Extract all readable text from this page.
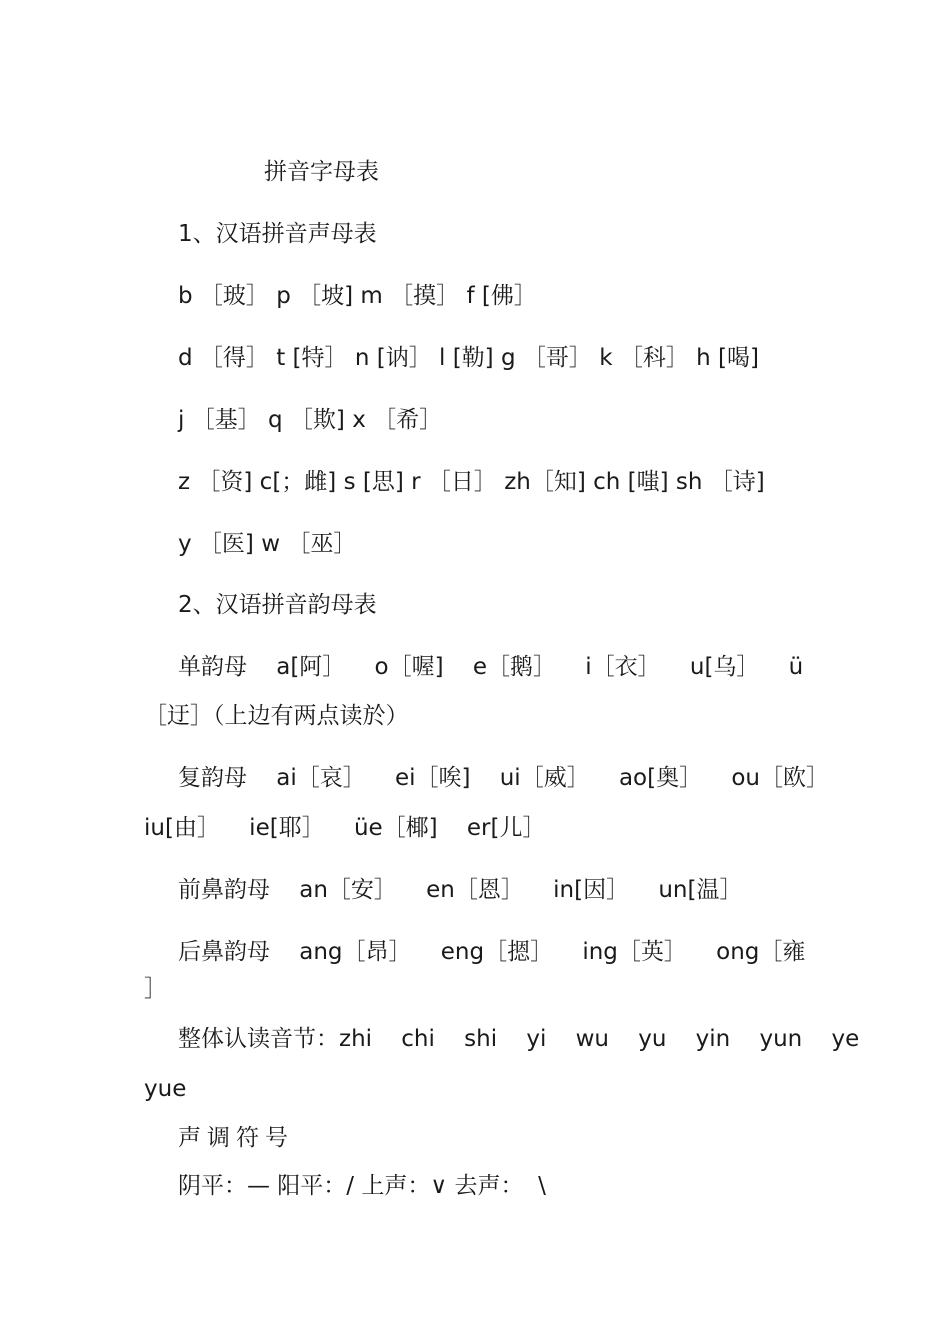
拼音字母表
1、汉语拼音声母表
b ［玻］ p ［坡] m ［摸］ f [佛］
d ［得］ t [特］ n [讷］ l [勒] g ［哥］ k ［科］ h [喝]
j ［基］ q ［欺] x ［希］
z ［资] c[；雌] s [思] r ［日］ zh［知] ch [嗤] sh ［诗]
y ［医] w ［巫］
2、汉语拼音韵母表
单韵母    a[阿］    o［喔]    e［鹅］    i［衣］    u[乌］    ü
［迂］（上边有两点读於）
复韵母    ai［哀］    ei［唉]    ui［威］    ao[奥］    ou［欧］
iu[由］    ie[耶］    üe［椰]    er[儿］
前鼻韵母    an［安］    en［恩］    in[因］    un[温］
后鼻韵母    ang［昂］    eng［摁］    ing［英］    ong［雍
］
整体认读音节：zhi    chi    shi    yi    wu    yu    yin    yun    ye
yue
声调符号
阴平：— 阳平：/ 上声：∨ 去声：  \
